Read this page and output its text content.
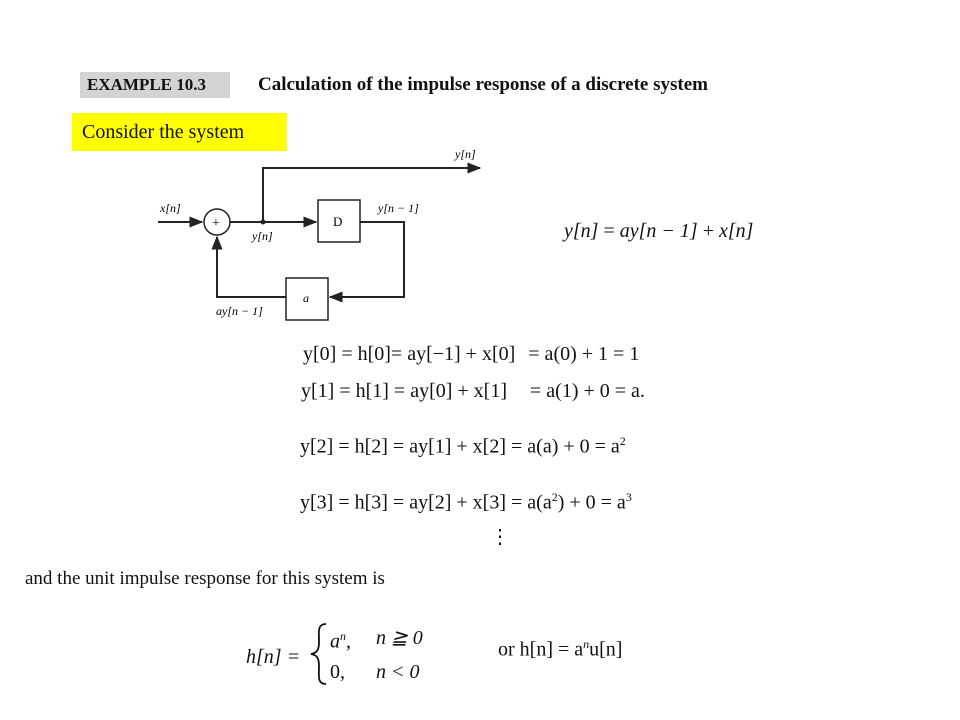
EXAMPLE 10.3	Calculation of the impulse response of a discrete system
Consider the system
x[n]
+
y[n]
y[n]
D
y[n − 1]
a
ay[n − 1]
y[n] = ay[n − 1] + x[n]
y[0] = h[0]= ay[−1] + x[0] = a(0) + 1 = 1
y[1] = h[1] = ay[0] + x[1] = a(1) + 0 = a.
$y[2] = h[2] = ay[1] + x[2] = a(a) + 0 = a^2$
$y[3] = h[3] = ay[2] + x[3] = a(a^2) + 0 = a^3$
⋮
and the unit impulse response for this system is
h[n] =
$a^n$, n ≧ 0
0, n < 0
or $h[n] = a^nu[n]$
